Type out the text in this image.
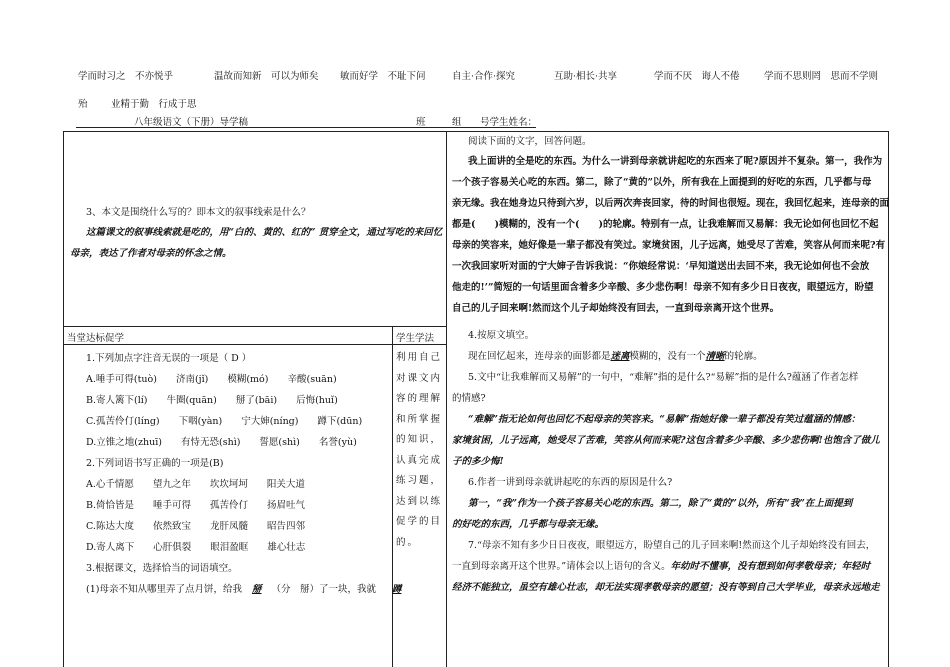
学而时习之　不亦悦乎	温故而知新　可以为师矣 敏而好学　不耻下问	自主·合作·探究	互助·相长·共享	学而不厌　诲人不倦	学而不思则罔　思而不学则
殆 业精于勤　行成于思
八年级语文（下册）导学稿	班	组 号学生姓名：
3、本文是围绕什么写的？即本文的叙事线索是什么？
这篇课文的叙事线索就是吃的，用“白的、黄的、红的” 贯穿全文，通过写吃的来回忆
母亲，表达了作者对母亲的怀念之情。
当堂达标促学	学生学法
1.下列加点字注音无误的一项是（ D ）
A.唾手可得(tuò)　　济南(jǐ)　　模糊(mó)　　辛酸(suān)
B.寄人篱下(lí)　　牛圈(quān)　　掰了(bāi)　　后悔(huǐ)
C.孤苦伶仃(líng)　　下咽(yàn)　　宁大婶(níng)　　蹲下(dūn)
D.立锥之地(zhuī)　　有恃无恐(shì)　　誓愿(shì)　　名誉(yù)
2.下列词语书写正确的一项是(B)
A.心千情愿　　望九之年　　坎坎坷坷　　阳关大道
B.倚恰皆是　　唾手可得　　孤苦伶仃　　扬眉吐气
C.陈达大度　　依然致宝　　龙肝凤髓　　昭告四邻
D.寄人离下　　心肝俱裂　　眼泪盈眶　　雄心壮志
3.根据课文，选择恰当的词语填空。
(1)母亲不知从哪里弄了点月饼，给我 掰 （分　掰）了一块，我就 蹲
利用自己对课文内容的理解和所掌握的知识，认真完成练习题，达到以练促学的目的。
阅读下面的文字，回答问题。
我上面讲的全是吃的东西。为什么一讲到母亲就讲起吃的东西来了呢?原因并不复杂。第一，我作为
一个孩子容易关心吃的东西。第二，除了“黄的”以外，所有我在上面提到的好吃的东西，几乎都与母
亲无缘。我在她身边只待到六岁，以后两次奔丧回家，待的时间也很短。现在，我回忆起来，连母亲的面
都是(　　)模糊的，没有一个(　　)的轮廓。特别有一点，让我难解而又易解：我无论如何也回忆不起
母亲的笑容来，她好像是一辈子都没有笑过。家境贫困，儿子远离，她受尽了苦难，笑容从何而来呢?有
一次我回家听对面的宁大婶子告诉我说：“你娘经常说：‘早知道送出去回不来，我无论如何也不会放
他走的!’”简短的一句话里面含着多少辛酸、多少悲伤啊！母亲不知有多少日日夜夜，眼望远方，盼望
自己的儿子回来啊!然而这个儿子却始终没有回去，一直到母亲离开这个世界。
4.按原文填空。
现在回忆起来，连母亲的面影都是迷离模糊的，没有一个清晰的轮廓。
5.文中“让我难解而又易解”的一句中，“难解”指的是什么?“易解”指的是什么?蕴涵了作者怎样
的情感?
“难解”指无论如何也回忆不起母亲的笑容来。“易解”指她好像一辈子都没有笑过蕴涵的情感：
家境贫困，儿子远离，她受尽了苦难，笑容从何而来呢?这包含着多少辛酸、多少悲伤啊!也饱含了做儿
子的多少悔!
6.作者一讲到母亲就讲起吃的东西的原因是什么?
第一，“我”作为一个孩子容易关心吃的东西。第二，除了“黄的”以外，所有“我”在上面提到
的好吃的东西，几乎都与母亲无缘。
7.“母亲不知有多少日日夜夜，眼望远方，盼望自己的儿子回来啊!然而这个儿子却始终没有回去，
一直到母亲离开这个世界。”请体会以上语句的含义。年幼时不懂事，没有想到如何孝敬母亲；年轻时
经济不能独立，虽空有雄心壮志，却无法实现孝敬母亲的愿望；没有等到自己大学毕业，母亲永远地走
